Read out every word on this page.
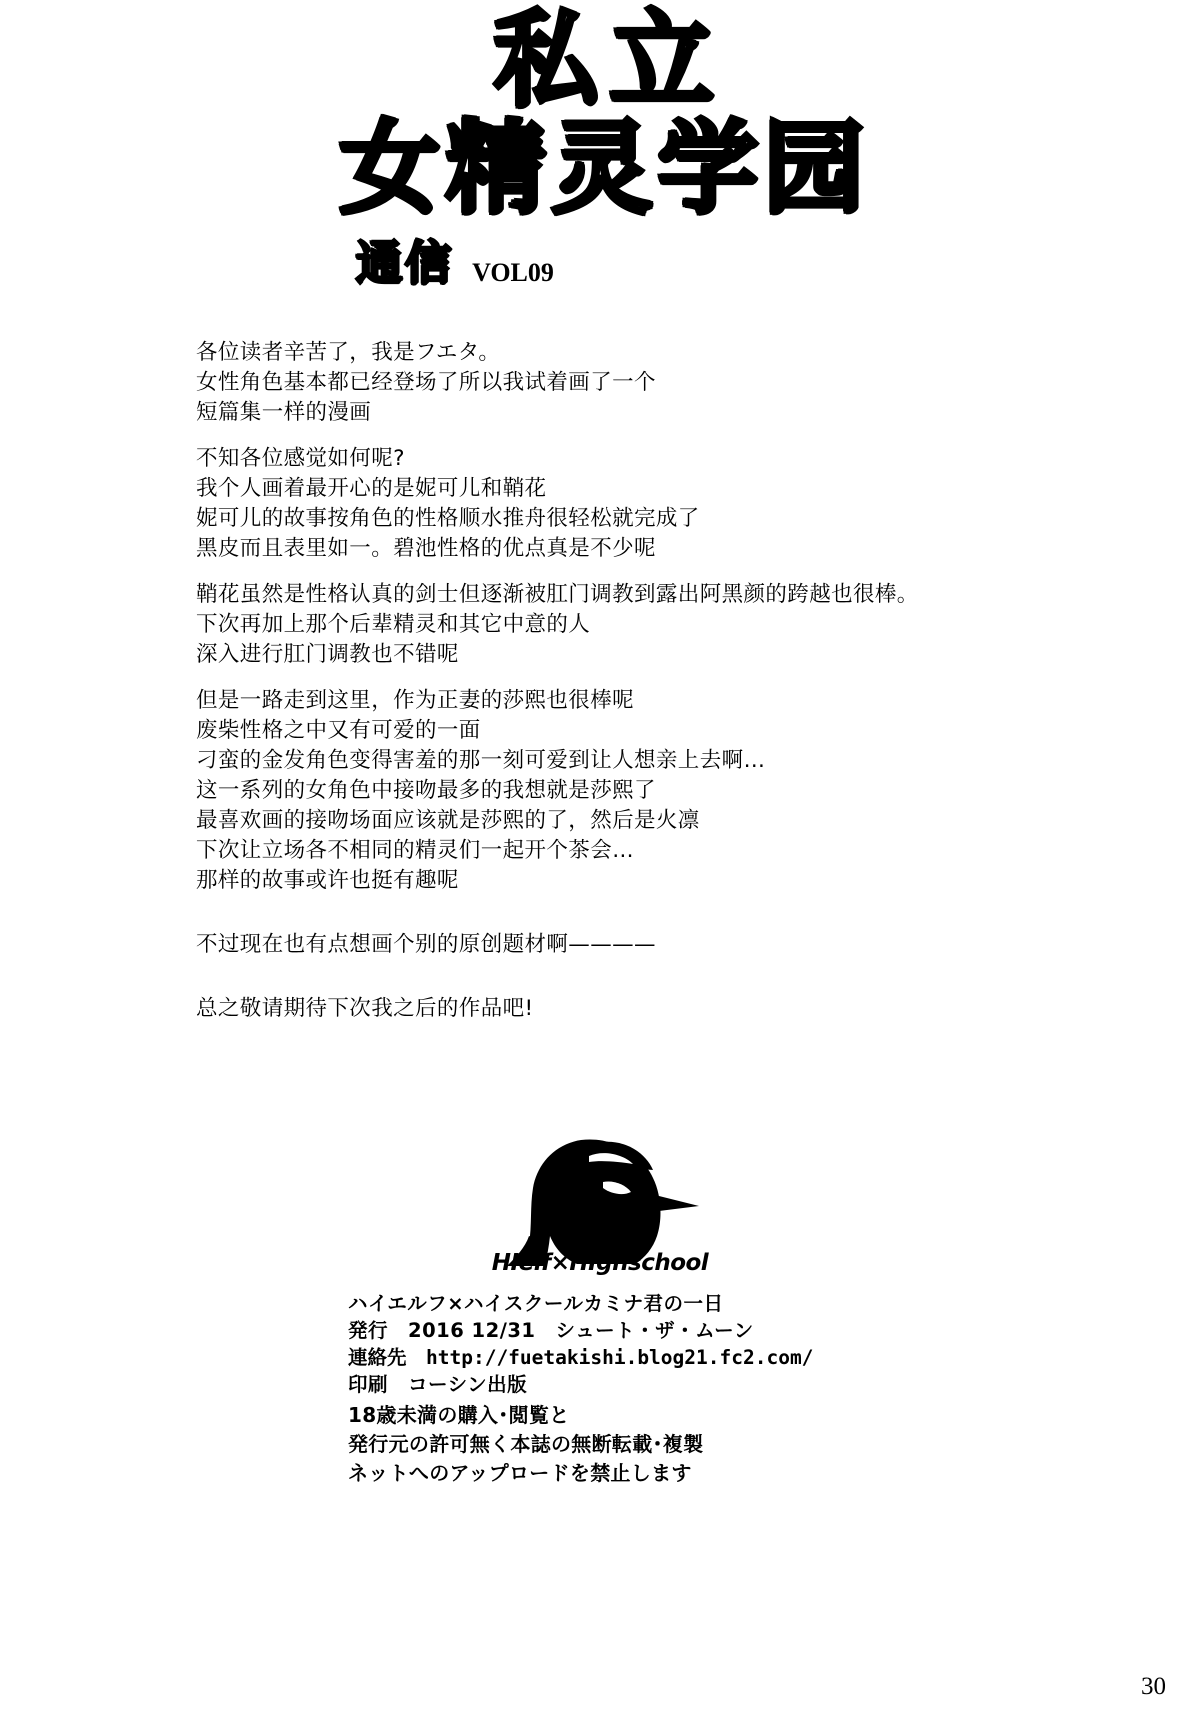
私立
女精灵学园
通信 VOL09
各位读者辛苦了，我是フエタ。
女性角色基本都已经登场了所以我试着画了一个
短篇集一样的漫画
不知各位感觉如何呢?
我个人画着最开心的是妮可儿和鞘花
妮可儿的故事按角色的性格顺水推舟很轻松就完成了
黑皮而且表里如一。碧池性格的优点真是不少呢
鞘花虽然是性格认真的剑士但逐渐被肛门调教到露出阿黑颜的跨越也很棒。
下次再加上那个后辈精灵和其它中意的人
深入进行肛门调教也不错呢
但是一路走到这里，作为正妻的莎熙也很棒呢
废柴性格之中又有可爱的一面
刁蛮的金发角色变得害羞的那一刻可爱到让人想亲上去啊…
这一系列的女角色中接吻最多的我想就是莎熙了
最喜欢画的接吻场面应该就是莎熙的了，然后是火凛
下次让立场各不相同的精灵们一起开个茶会…
那样的故事或许也挺有趣呢
不过现在也有点想画个别的原创题材啊————
总之敬请期待下次我之后的作品吧!
HIelf×HIghschool
ハイエルフ×ハイスクールカミナ君の一日
発行　2016 12/31　シュート・ザ・ムーン
連絡先　http://fuetakishi.blog21.fc2.com/
印刷　コーシン出版
18歳未満の購入･閲覧と
発行元の許可無く本誌の無断転載･複製
ネットへのアップロードを禁止します
30
